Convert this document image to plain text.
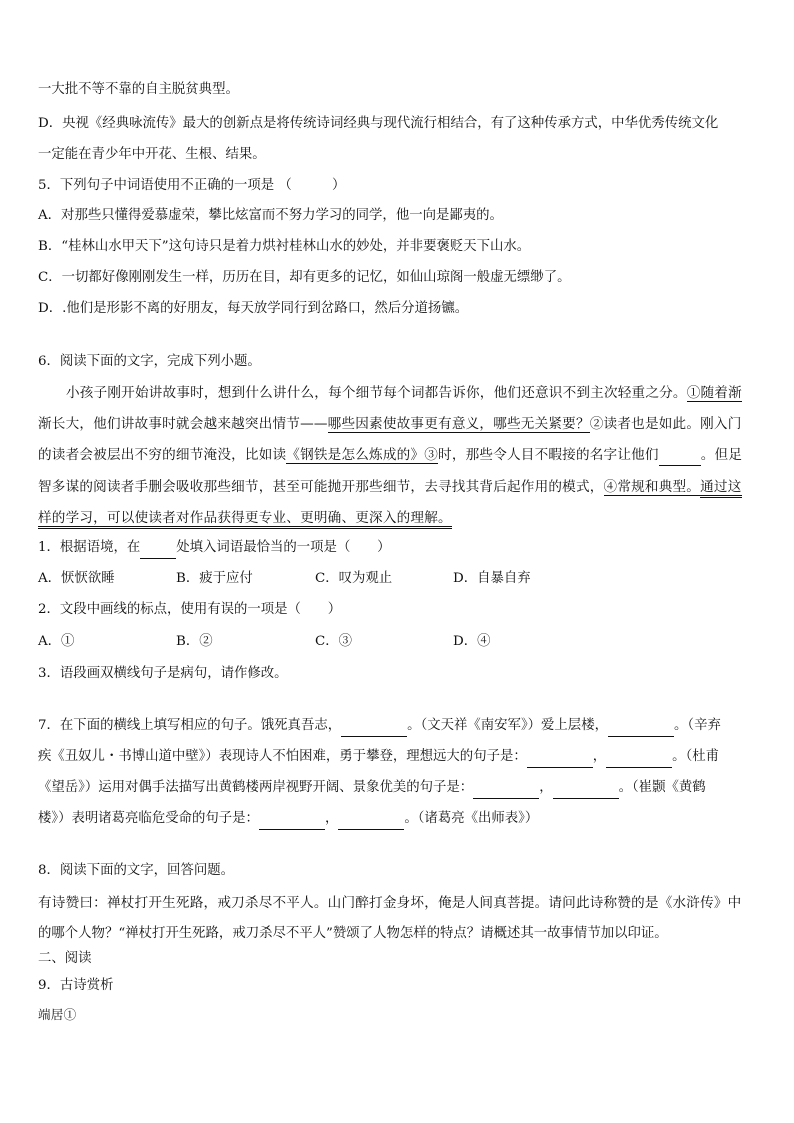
一大批不等不靠的自主脱贫典型。
D．央视《经典咏流传》最大的创新点是将传统诗词经典与现代流行相结合，有了这种传承方式，中华优秀传统文化
一定能在青少年中开花、生根、结果。
5．下列句子中词语使用不正确的一项是 （　　　）
A．对那些只懂得爱慕虚荣，攀比炫富而不努力学习的同学，他一向是鄙夷的。
B．“桂林山水甲天下”这句诗只是着力烘衬桂林山水的妙处，并非要褒贬天下山水。
C．一切都好像刚刚发生一样，历历在目，却有更多的记忆，如仙山琼阁一般虚无缥缈了。
D．.他们是形影不离的好朋友，每天放学同行到岔路口，然后分道扬镳。
6．阅读下面的文字，完成下列小题。
小孩子刚开始讲故事时，想到什么讲什么，每个细节每个词都告诉你，他们还意识不到主次轻重之分。①随着渐
渐长大，他们讲故事时就会越来越突出情节——哪些因素使故事更有意义，哪些无关紧要？②读者也是如此。刚入门
的读者会被层出不穷的细节淹没，比如读《钢铁是怎么炼成的》③时，那些令人目不暇接的名字让他们	。但足
智多谋的阅读者手删会吸收那些细节，甚至可能抛开那些细节，去寻找其背后起作用的模式，④常规和典型。通过这
样的学习，可以使读者对作品获得更专业、更明确、更深入的理解。
1．根据语境，在	处填入词语最恰当的一项是（　　）
A．恹恹欲睡	B．疲于应付	C．叹为观止	D．自暴自弃
2．文段中画线的标点，使用有误的一项是（　　）
A．①	B．②	C．③	D．④
3．语段画双横线句子是病句，请作修改。
7．在下面的横线上填写相应的句子。饿死真吾志，	。（文天祥《南安军》）爱上层楼，	。（辛弃
疾《丑奴儿・书博山道中壁》）表现诗人不怕困难，勇于攀登，理想远大的句子是：	，	。（杜甫
《望岳》）运用对偶手法描写出黄鹤楼两岸视野开阔、景象优美的句子是：	，	。（崔颢《黄鹤
楼》）表明诸葛亮临危受命的句子是：	，	。（诸葛亮《出师表》）
8．阅读下面的文字，回答问题。
有诗赞曰：禅杖打开生死路，戒刀杀尽不平人。山门醉打金身坏，俺是人间真菩提。请问此诗称赞的是《水浒传》中
的哪个人物？“禅杖打开生死路，戒刀杀尽不平人”赞颂了人物怎样的特点？请概述其一故事情节加以印证。
二、阅读
9．古诗赏析
端居①
